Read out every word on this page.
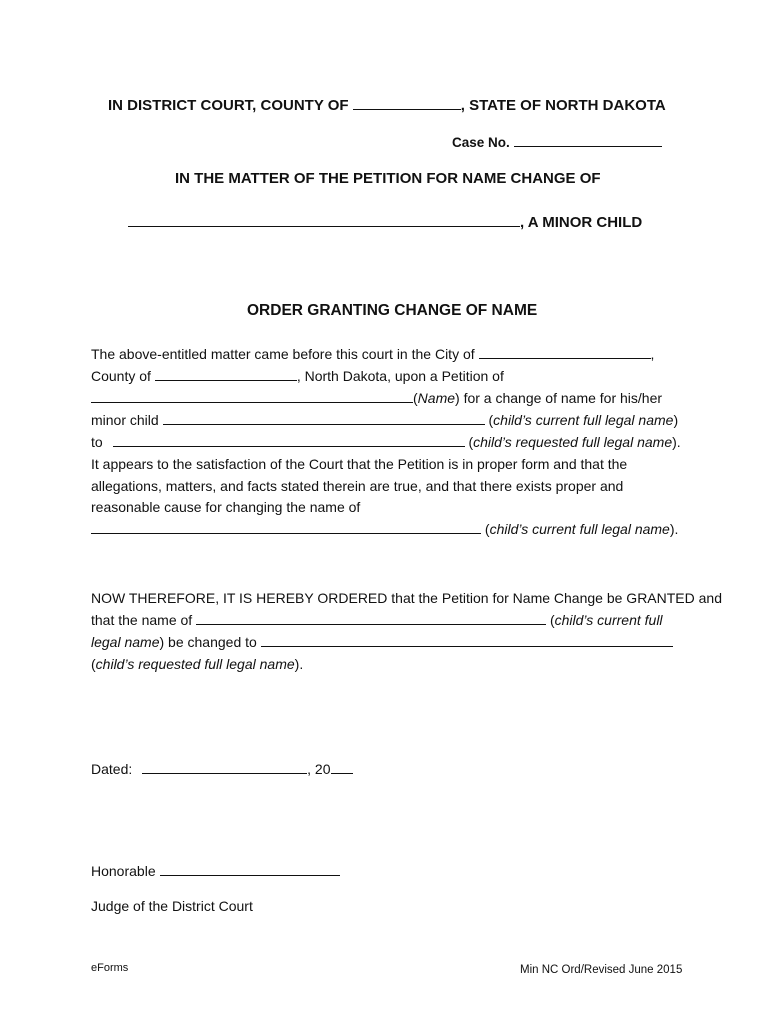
IN DISTRICT COURT, COUNTY OF	, STATE OF NORTH DAKOTA
Case No.
IN THE MATTER OF THE PETITION FOR NAME CHANGE OF
, A MINOR CHILD
ORDER GRANTING CHANGE OF NAME
The above-entitled matter came before this court in the City of	,
County of	, North Dakota, upon a Petition of
(Name) for a change of name for his/her
minor child	(child’s current full legal name)
to	(child’s requested full legal name).
It appears to the satisfaction of the Court that the Petition is in proper form and that the
allegations, matters, and facts stated therein are true, and that there exists proper and
reasonable cause for changing the name of
(child’s current full legal name).
NOW THEREFORE, IT IS HEREBY ORDERED that the Petition for Name Change be GRANTED and
that the name of	(child’s current full
legal name) be changed to
(child’s requested full legal name).
Dated:	, 20
Honorable
Judge of the District Court
eForms	Min NC Ord/Revised June 2015
